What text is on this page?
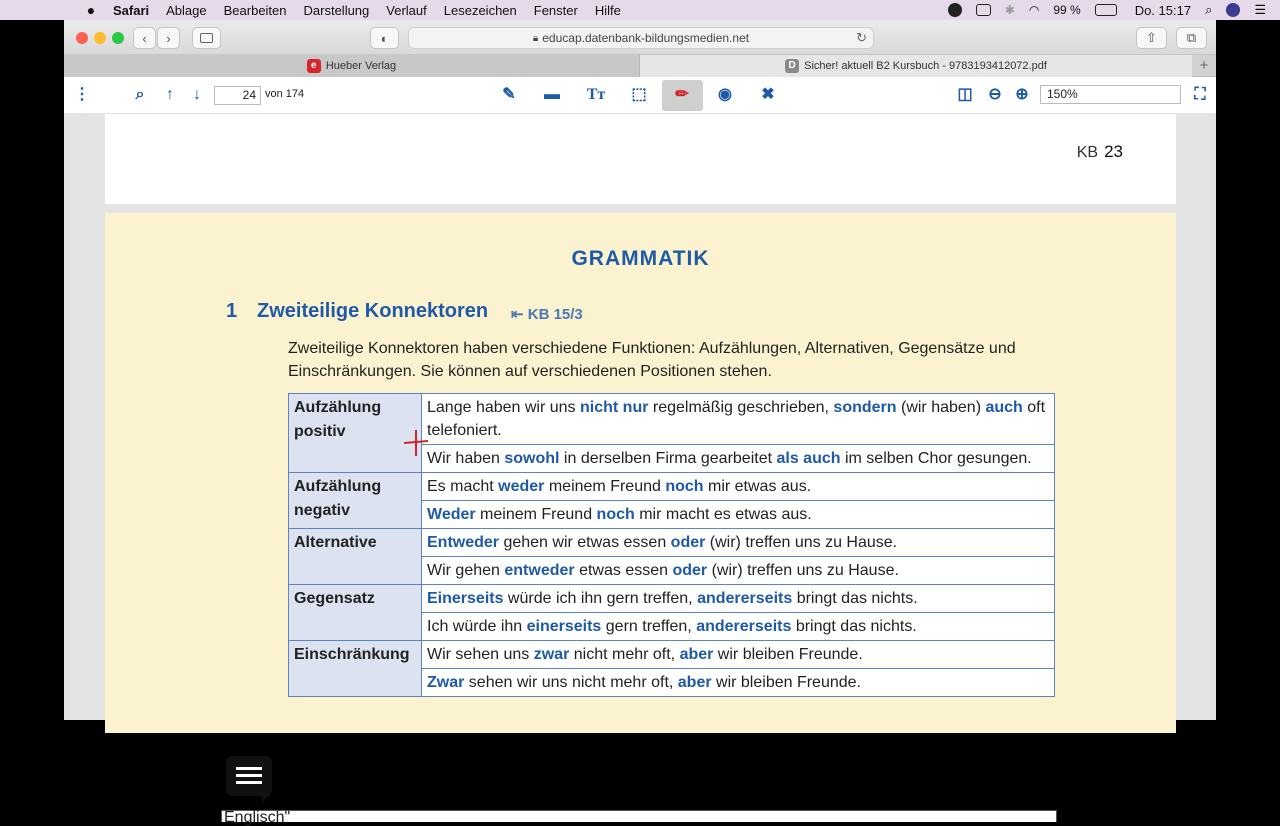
●	Safari Ablage Bearbeiten Darstellung Verlauf Lesezeichen Fenster Hilfe	✱ ◠ 99 %	Do. 15:17 ⌕	☰
‹	›	◐	🔒︎ educap.datenbank-bildungsmedien.net	↻	⇧ ⧉
e Hueber Verlag	D Sicher! aktuell B2 Kursbuch - 9783193412072.pdf	+
⋮	⌕	↑	↓	24 von 174	✎ ▬ Tᴛ ⬚ ✏︎ ◉ ✖	◫ ⊖ ⊕	150%	⛶
KB 23
GRAMMATIK
1 Zweiteilige Konnektoren ⇤ KB 15/3
Zweiteilige Konnektoren haben verschiedene Funktionen: Aufzählungen, Alternativen, Gegensätze und Einschränkungen. Sie können auf verschiedenen Positionen stehen.
Aufzählung positiv	Lange haben wir uns nicht nur regelmäßig geschrieben, sondern (wir haben) auch oft telefoniert.
	Wir haben sowohl in derselben Firma gearbeitet als auch im selben Chor gesungen.
Aufzählung negativ	Es macht weder meinem Freund noch mir etwas aus.
	Weder meinem Freund noch mir macht es etwas aus.
Alternative	Entweder gehen wir etwas essen oder (wir) treffen uns zu Hause.
	Wir gehen entweder etwas essen oder (wir) treffen uns zu Hause.
Gegensatz	Einerseits würde ich ihn gern treffen, andererseits bringt das nichts.
	Ich würde ihn einerseits gern treffen, andererseits bringt das nichts.
Einschränkung	Wir sehen uns zwar nicht mehr oft, aber wir bleiben Freunde.
	Zwar sehen wir uns nicht mehr oft, aber wir bleiben Freunde.
Englisch"
